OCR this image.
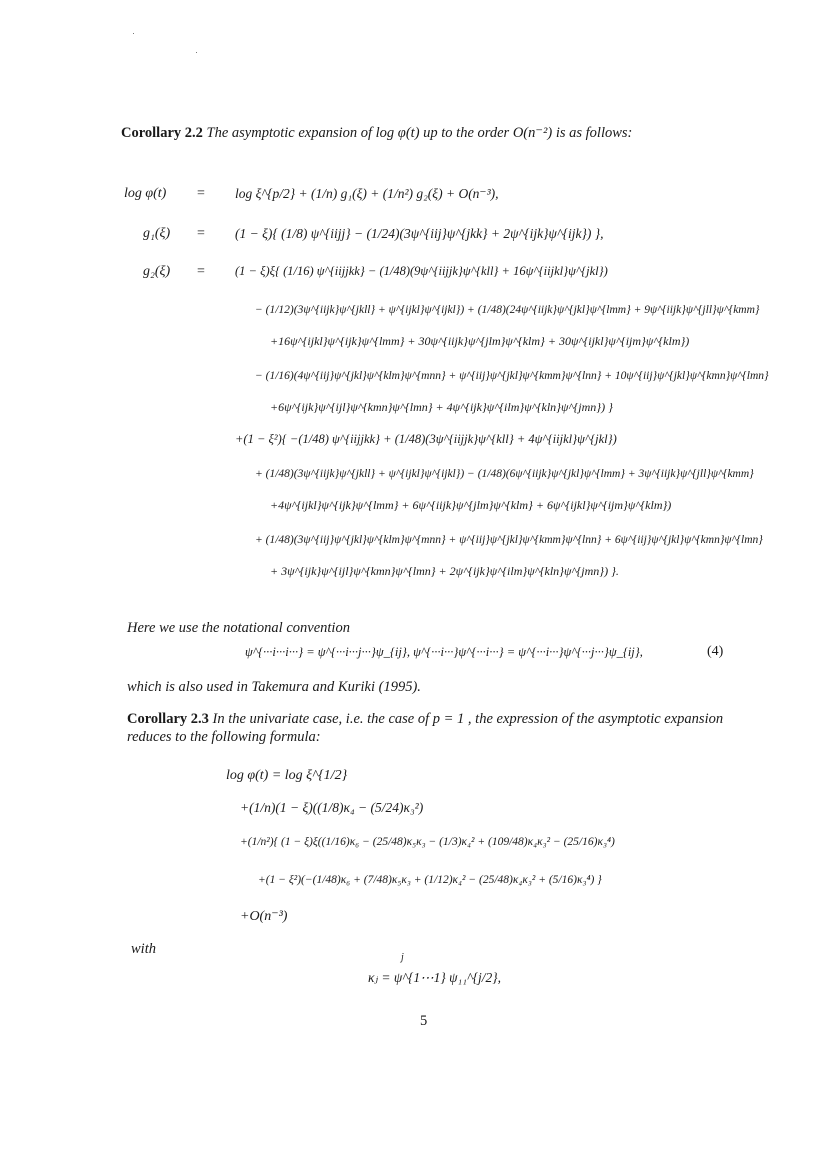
Corollary 2.2 The asymptotic expansion of log φ(t) up to the order O(n⁻²) is as follows:
log φ(t) = log ξ^{p/2} + (1/n) g₁(ξ) + (1/n²) g₂(ξ) + O(n⁻³),
g₁(ξ) = (1 − ξ){ (1/8) ψ^{iijj} − (1/24)(3ψ^{iij}ψ^{jkk} + 2ψ^{ijk}ψ^{ijk}) },
g₂(ξ) = (1 − ξ)ξ{ (1/16) ψ^{iijjkk} − (1/48)(9ψ^{iijjk}ψ^{kll} + 16ψ^{iijkl}ψ^{jkl})
− (1/12)(3ψ^{iijk}ψ^{jkll} + ψ^{ijkl}ψ^{ijkl}) + (1/48)(24ψ^{iijk}ψ^{jkl}ψ^{lmm} + 9ψ^{iijk}ψ^{jll}ψ^{kmm}
+16ψ^{ijkl}ψ^{ijk}ψ^{lmm} + 30ψ^{iijk}ψ^{jlm}ψ^{klm} + 30ψ^{ijkl}ψ^{ijm}ψ^{klm})
− (1/16)(4ψ^{iij}ψ^{jkl}ψ^{klm}ψ^{mnn} + ψ^{iij}ψ^{jkl}ψ^{kmm}ψ^{lnn} + 10ψ^{iij}ψ^{jkl}ψ^{kmn}ψ^{lmn}
+6ψ^{ijk}ψ^{ijl}ψ^{kmn}ψ^{lmn} + 4ψ^{ijk}ψ^{ilm}ψ^{kln}ψ^{jmn}) }
+(1 − ξ²){ −(1/48) ψ^{iijjkk} + (1/48)(3ψ^{iijjk}ψ^{kll} + 4ψ^{iijkl}ψ^{jkl})
+ (1/48)(3ψ^{iijk}ψ^{jkll} + ψ^{ijkl}ψ^{ijkl}) − (1/48)(6ψ^{iijk}ψ^{jkl}ψ^{lmm} + 3ψ^{iijk}ψ^{jll}ψ^{kmm}
+4ψ^{ijkl}ψ^{ijk}ψ^{lmm} + 6ψ^{iijk}ψ^{jlm}ψ^{klm} + 6ψ^{ijkl}ψ^{ijm}ψ^{klm})
+ (1/48)(3ψ^{iij}ψ^{jkl}ψ^{klm}ψ^{mnn} + ψ^{iij}ψ^{jkl}ψ^{kmm}ψ^{lnn} + 6ψ^{iij}ψ^{jkl}ψ^{kmn}ψ^{lmn}
+ 3ψ^{ijk}ψ^{ijl}ψ^{kmn}ψ^{lmn} + 2ψ^{ijk}ψ^{ilm}ψ^{kln}ψ^{jmn}) }.
Here we use the notational convention
ψ^{···i···i···} = ψ^{···i···j···}ψ_{ij}, ψ^{···i···}ψ^{···i···} = ψ^{···i···}ψ^{···j···}ψ_{ij},	(4)
which is also used in Takemura and Kuriki (1995).
Corollary 2.3 In the univariate case, i.e. the case of p = 1 , the expression of the asymptotic expansion reduces to the following formula:
log φ(t) = log ξ^{1/2}
+(1/n)(1 − ξ)((1/8)κ₄ − (5/24)κ₃²)
+(1/n²){ (1 − ξ)ξ((1/16)κ₆ − (25/48)κ₅κ₃ − (1/3)κ₄² + (109/48)κ₄κ₃² − (25/16)κ₃⁴)
+(1 − ξ²)(−(1/48)κ₆ + (7/48)κ₅κ₃ + (1/12)κ₄² − (25/48)κ₄κ₃² + (5/16)κ₃⁴) }
+O(n⁻³)
with
j
κⱼ = ψ^{1⋯1} ψ₁₁^{j/2},
5
